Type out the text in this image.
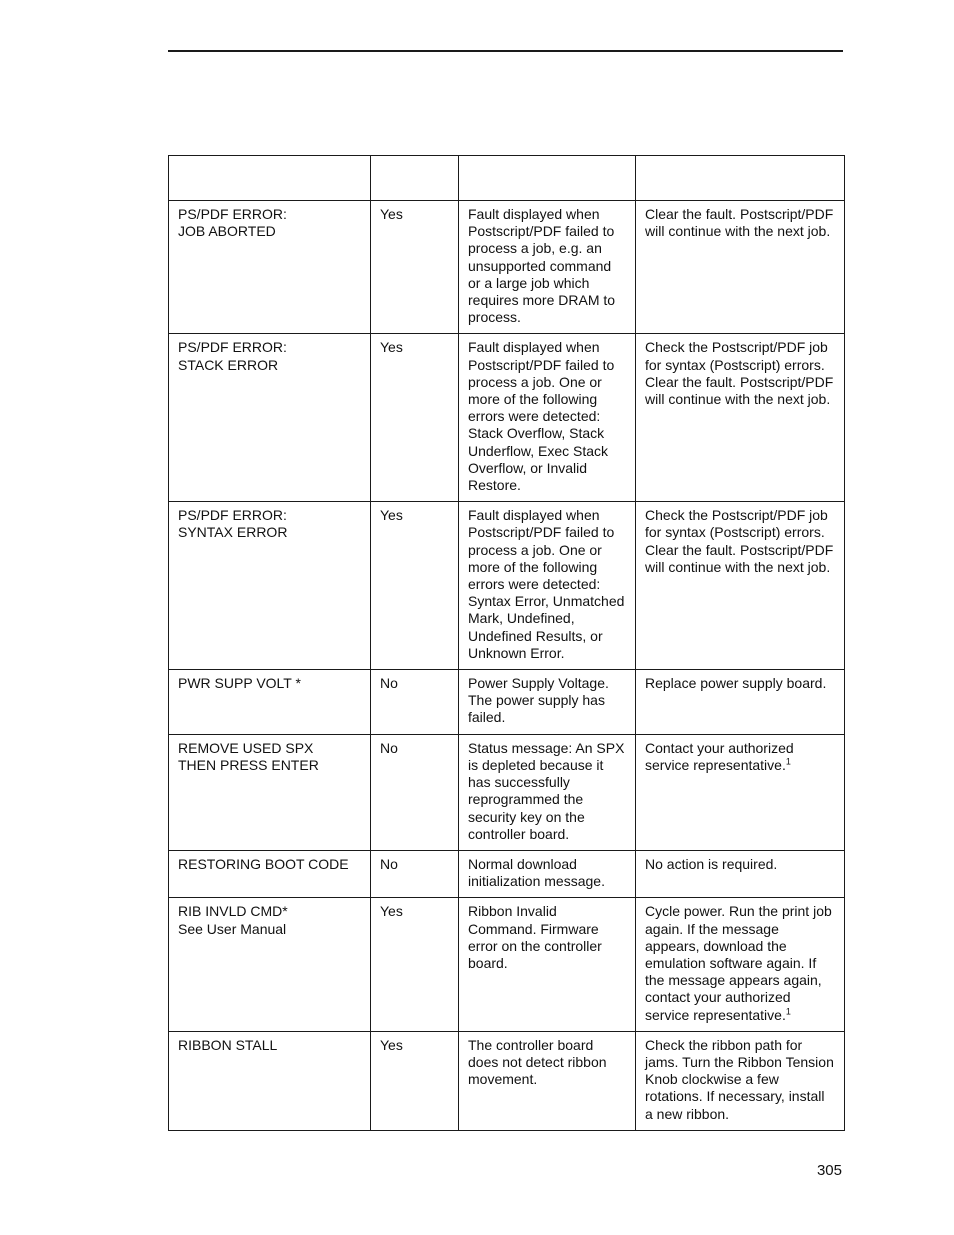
PS/PDF ERROR:
JOB ABORTED	Yes	Fault displayed when Postscript/PDF failed to process a job, e.g. an unsupported command or a large job which requires more DRAM to process.	Clear the fault. Postscript/PDF will continue with the next job.
PS/PDF ERROR:
STACK ERROR	Yes	Fault displayed when Postscript/PDF failed to process a job. One or more of the following errors were detected: Stack Overflow, Stack Underflow, Exec Stack Overflow, or Invalid Restore.	Check the Postscript/PDF job for syntax (Postscript) errors. Clear the fault. Postscript/PDF will continue with the next job.
PS/PDF ERROR:
SYNTAX ERROR	Yes	Fault displayed when Postscript/PDF failed to process a job. One or more of the following errors were detected: Syntax Error, Unmatched Mark, Undefined, Undefined Results, or Unknown Error.	Check the Postscript/PDF job for syntax (Postscript) errors. Clear the fault. Postscript/PDF will continue with the next job.
PWR SUPP VOLT *	No	Power Supply Voltage. The power supply has failed.	Replace power supply board.
REMOVE USED SPX
THEN PRESS ENTER	No	Status message: An SPX is depleted because it has successfully reprogrammed the security key on the controller board.	Contact your authorized service representative.$^1$
RESTORING BOOT CODE	No	Normal download initialization message.	No action is required.
RIB INVLD CMD*
See User Manual	Yes	Ribbon Invalid Command. Firmware error on the controller board.	Cycle power. Run the print job again. If the message appears, download the emulation software again. If the message appears again, contact your authorized service representative.$^1$
RIBBON STALL	Yes	The controller board does not detect ribbon movement.	Check the ribbon path for jams. Turn the Ribbon Tension Knob clockwise a few rotations. If necessary, install a new ribbon.
305
